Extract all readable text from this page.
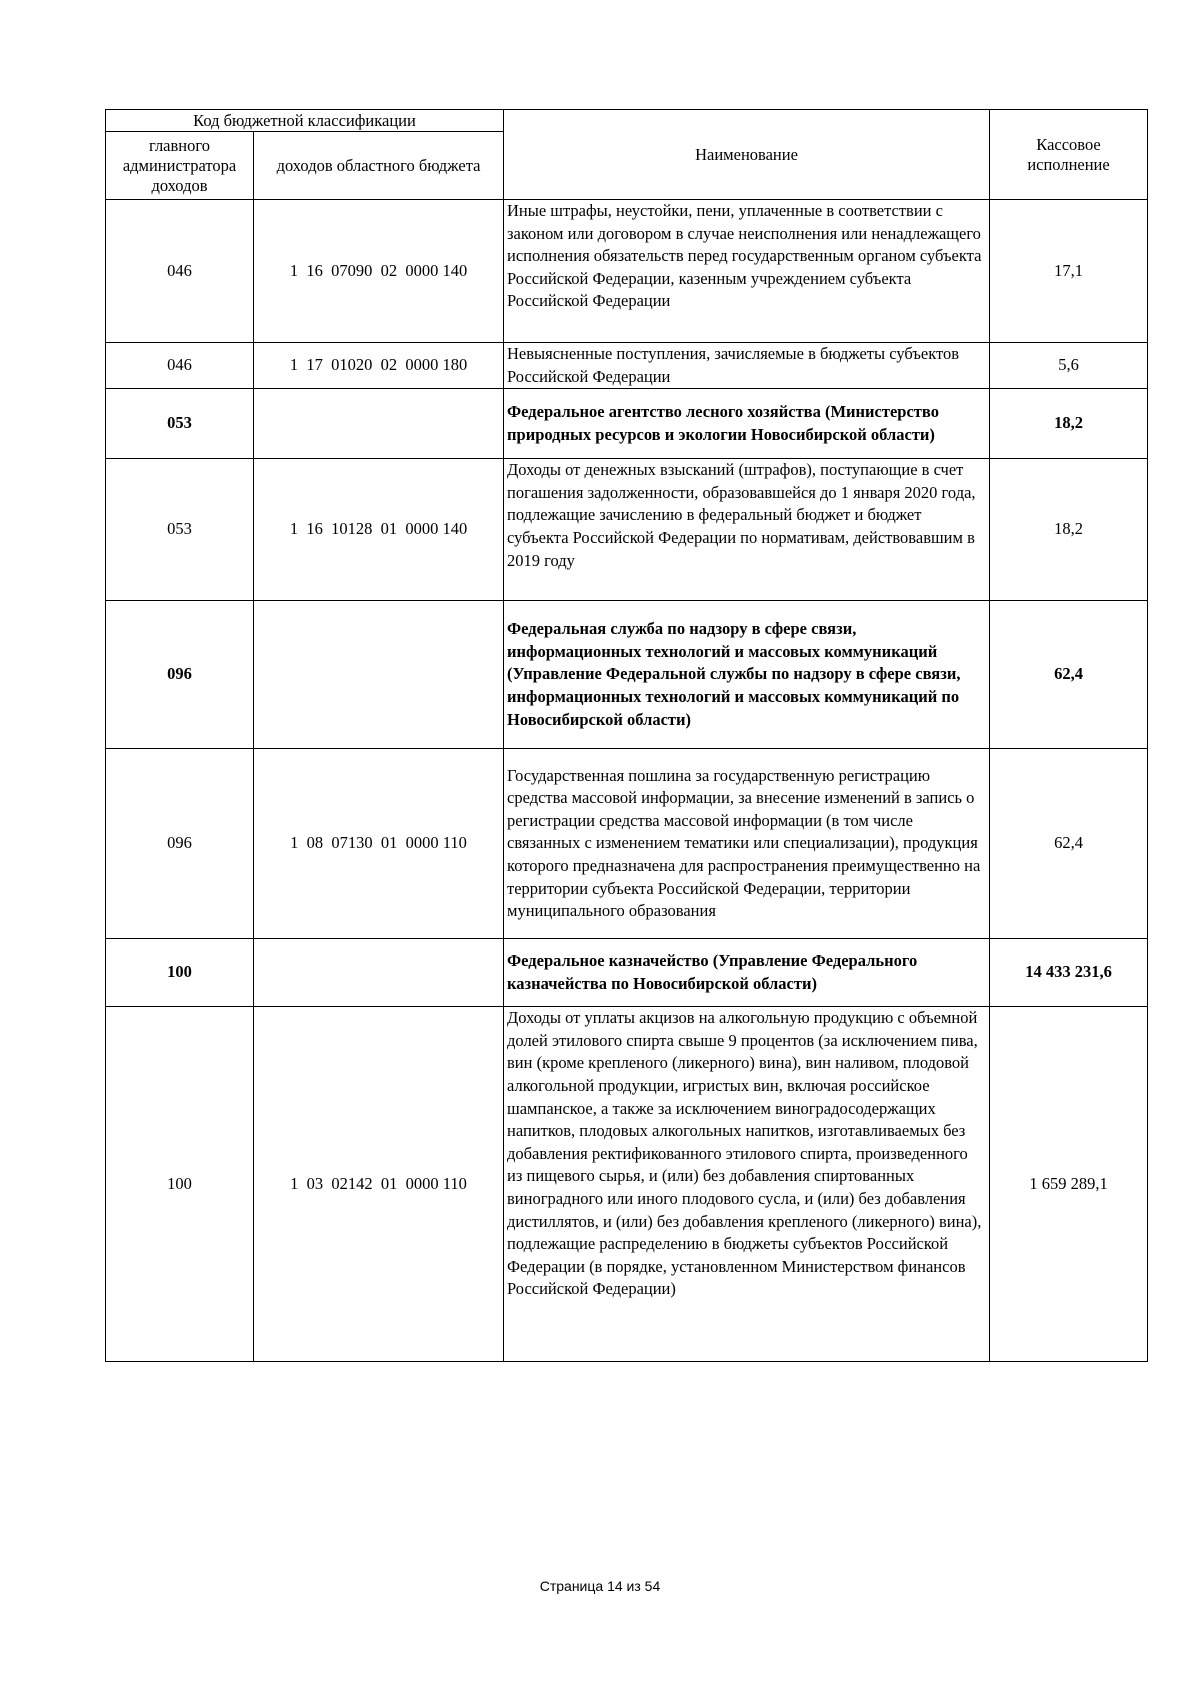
Код бюджетной классификации		Наименование	Кассовое исполнение
главного администратора доходов	доходов областного бюджета		
046	1  16  07090  02  0000 140	Иные штрафы, неустойки, пени, уплаченные в соответствии с законом или договором в случае неисполнения или ненадлежащего исполнения обязательств перед государственным органом субъекта Российской Федерации, казенным учреждением субъекта Российской Федерации	17,1
046	1  17  01020  02  0000 180	Невыясненные поступления, зачисляемые в бюджеты субъектов Российской Федерации	5,6
053		Федеральное агентство лесного хозяйства (Министерство природных ресурсов и экологии Новосибирской области)	18,2
053	1  16  10128  01  0000 140	Доходы от денежных взысканий (штрафов), поступающие в счет погашения задолженности, образовавшейся до 1 января 2020 года, подлежащие зачислению в федеральный бюджет и бюджет субъекта Российской Федерации по нормативам, действовавшим в 2019 году	18,2
096		Федеральная служба по надзору в сфере связи, информационных технологий и массовых коммуникаций (Управление Федеральной службы по надзору в сфере связи, информационных технологий и массовых коммуникаций по Новосибирской области)	62,4
096	1  08  07130  01  0000 110	Государственная пошлина за государственную регистрацию средства массовой информации, за внесение изменений в запись о регистрации средства массовой информации (в том числе связанных с изменением тематики или специализации), продукция которого предназначена для распространения преимущественно на территории субъекта Российской Федерации, территории муниципального образования	62,4
100		Федеральное казначейство (Управление Федерального казначейства по Новосибирской области)	14 433 231,6
100	1  03  02142  01  0000 110	Доходы от уплаты акцизов на алкогольную продукцию с объемной долей этилового спирта свыше 9 процентов (за исключением пива, вин (кроме крепленого (ликерного) вина), вин наливом, плодовой алкогольной продукции, игристых вин, включая российское шампанское, а также за исключением виноградосодержащих напитков, плодовых алкогольных напитков, изготавливаемых без добавления ректификованного этилового спирта, произведенного из пищевого сырья, и (или) без добавления спиртованных виноградного или иного плодового сусла, и (или) без добавления дистиллятов, и (или) без добавления крепленого (ликерного) вина), подлежащие распределению в бюджеты субъектов Российской Федерации (в порядке, установленном Министерством финансов Российской Федерации)	1 659 289,1
Страница 14 из 54
